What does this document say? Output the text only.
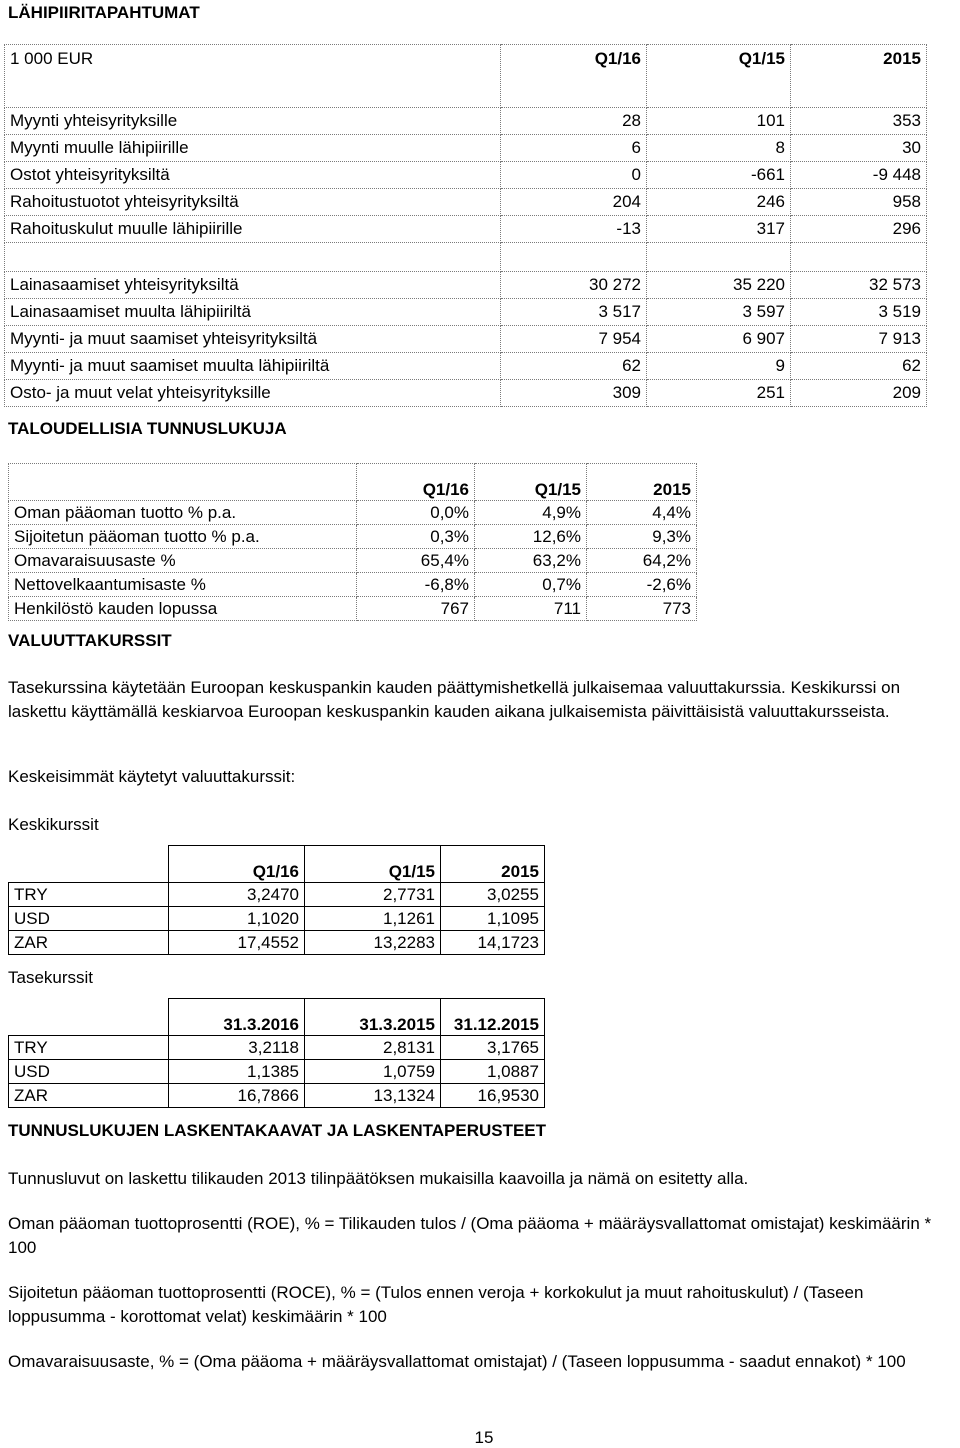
LÄHIPIIRITAPAHTUMAT
1 000 EUR	Q1/16	Q1/15	2015
Myynti yhteisyrityksille	28	101	353
Myynti muulle lähipiirille	6	8	30
Ostot yhteisyrityksiltä	0	-661	-9 448
Rahoitustuotot yhteisyrityksiltä	204	246	958
Rahoituskulut muulle lähipiirille	-13	317	296

Lainasaamiset yhteisyrityksiltä	30 272	35 220	32 573
Lainasaamiset muulta lähipiiriltä	3 517	3 597	3 519
Myynti- ja muut saamiset yhteisyrityksiltä	7 954	6 907	7 913
Myynti- ja muut saamiset muulta lähipiiriltä	62	9	62
Osto- ja muut velat yhteisyrityksille	309	251	209
TALOUDELLISIA TUNNUSLUKUJA
	Q1/16	Q1/15	2015
Oman pääoman tuotto % p.a.	0,0%	4,9%	4,4%
Sijoitetun pääoman tuotto % p.a.	0,3%	12,6%	9,3%
Omavaraisuusaste %	65,4%	63,2%	64,2%
Nettovelkaantumisaste %	-6,8%	0,7%	-2,6%
Henkilöstö kauden lopussa	767	711	773
VALUUTTAKURSSIT
Tasekurssina käytetään Euroopan keskuspankin kauden päättymishetkellä julkaisemaa valuuttakurssia. Keskikurssi on laskettu käyttämällä keskiarvoa Euroopan keskuspankin kauden aikana julkaisemista päivittäisistä valuuttakursseista.
Keskeisimmät käytetyt valuuttakurssit:
Keskikurssit
	Q1/16	Q1/15	2015
TRY	3,2470	2,7731	3,0255
USD	1,1020	1,1261	1,1095
ZAR	17,4552	13,2283	14,1723
Tasekurssit
	31.3.2016	31.3.2015	31.12.2015
TRY	3,2118	2,8131	3,1765
USD	1,1385	1,0759	1,0887
ZAR	16,7866	13,1324	16,9530
TUNNUSLUKUJEN LASKENTAKAAVAT JA LASKENTAPERUSTEET
Tunnusluvut on laskettu tilikauden 2013 tilinpäätöksen mukaisilla kaavoilla ja nämä on esitetty alla.
Oman pääoman tuottoprosentti (ROE), % = Tilikauden tulos / (Oma pääoma + määräysvallattomat omistajat) keskimäärin * 100
Sijoitetun pääoman tuottoprosentti (ROCE), % = (Tulos ennen veroja + korkokulut ja muut rahoituskulut) / (Taseen loppusumma - korottomat velat) keskimäärin * 100
Omavaraisuusaste, % = (Oma pääoma + määräysvallattomat omistajat) / (Taseen loppusumma - saadut ennakot) * 100
15
